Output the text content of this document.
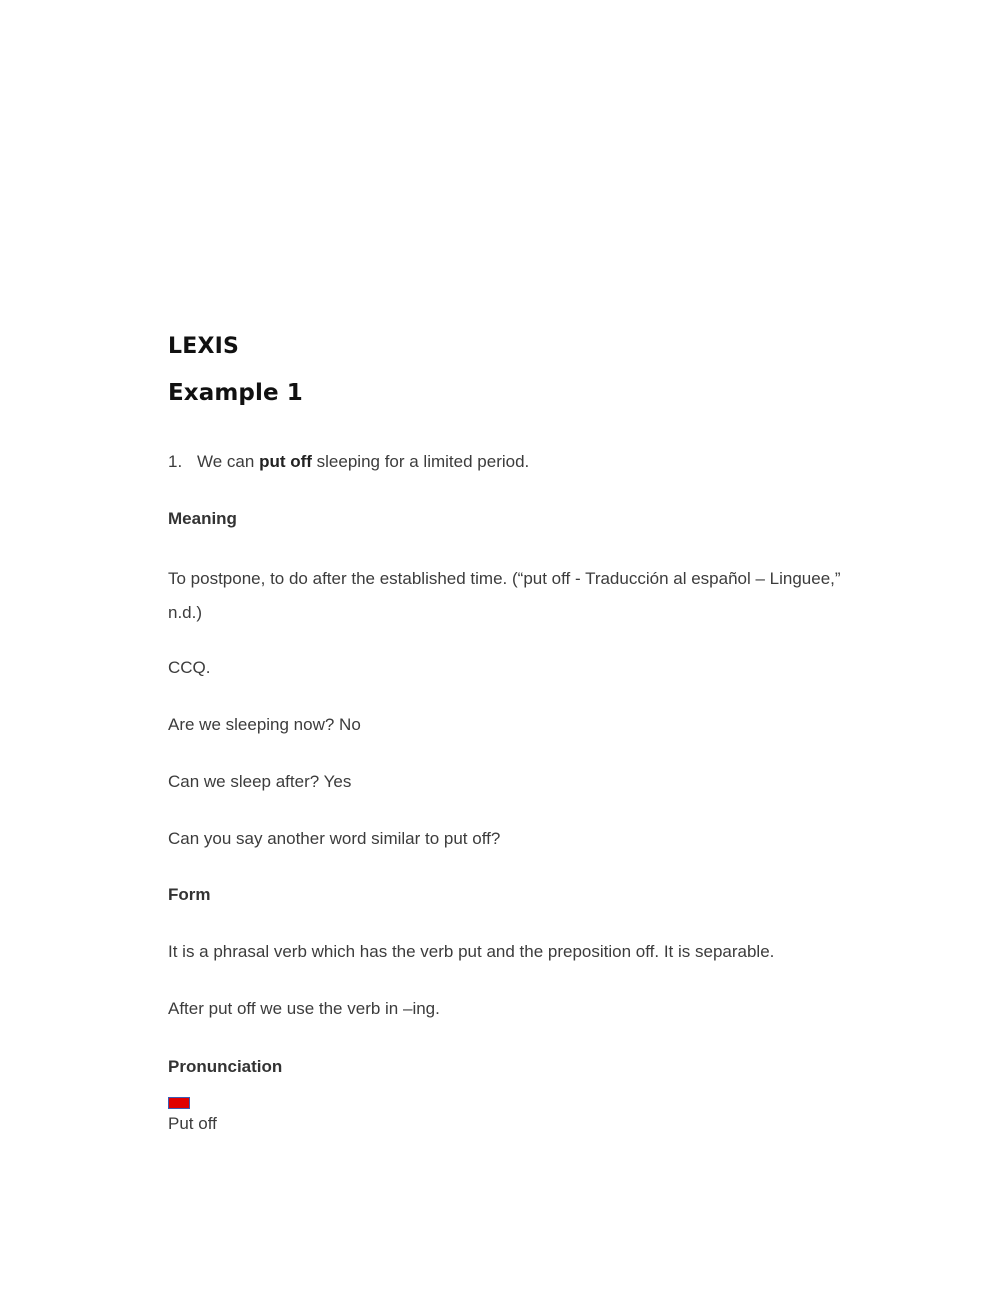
LEXIS
Example 1
1. We can put off sleeping for a limited period.
Meaning
To postpone, to do after the established time. (“put off - Traducción al español – Linguee,” n.d.)
CCQ.
Are we sleeping now? No
Can we sleep after? Yes
Can you say another word similar to put off?
Form
It is a phrasal verb which has the verb put and the preposition off. It is separable.
After put off we use the verb in –ing.
Pronunciation
Put off
